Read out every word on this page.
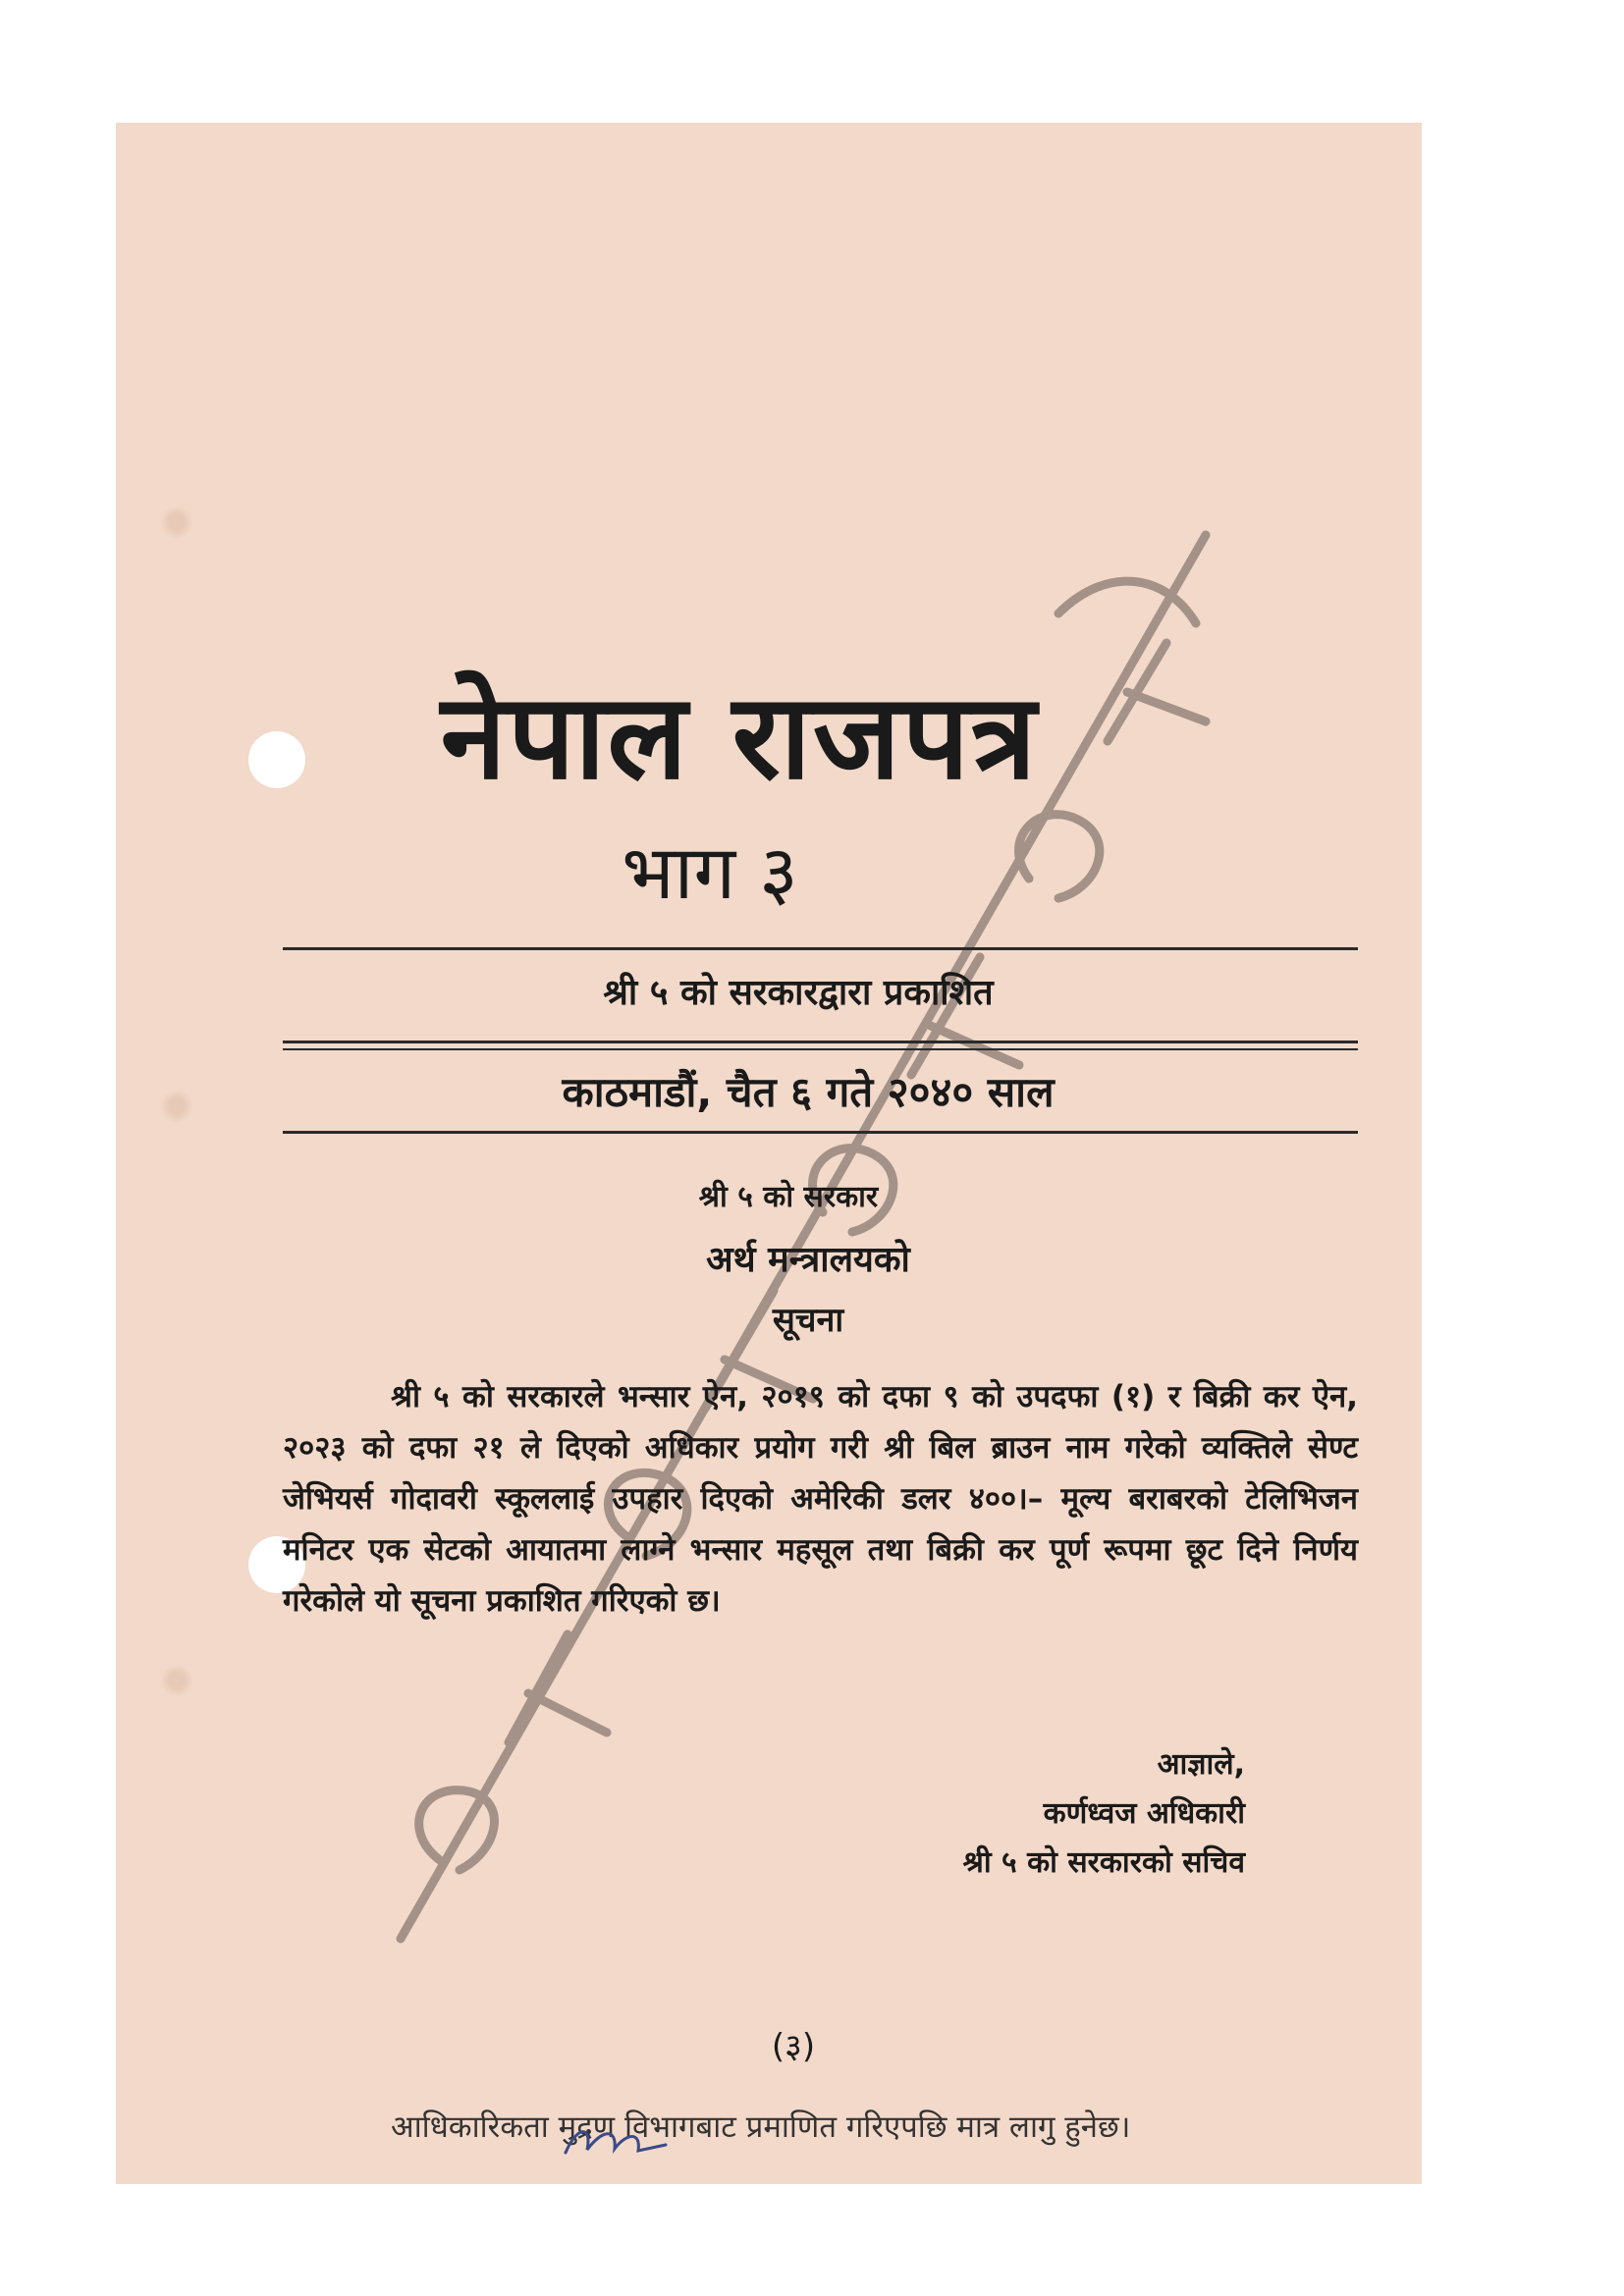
नेपाल राजपत्र
भाग ३
श्री ५ को सरकारद्वारा प्रकाशित
काठमाडौं, चैत ६ गते २०४० साल
श्री ५ को सरकार
अर्थ मन्त्रालयको
सूचना
श्री ५ को सरकारले भन्सार ऐन, २०१९ को दफा ९ को उपदफा (१) र बिक्री कर ऐन, २०२३ को दफा २१ ले दिएको अधिकार प्रयोग गरी श्री बिल ब्राउन नाम गरेको व्यक्तिले सेण्ट जेभियर्स गोदावरी स्कूललाई उपहार दिएको अमेरिकी डलर ४००।– मूल्य बराबरको टेलिभिजन मनिटर एक सेटको आयातमा लाग्ने भन्सार महसूल तथा बिक्री कर पूर्ण रूपमा छूट दिने निर्णय गरेकोले यो सूचना प्रकाशित गरिएको छ।
आज्ञाले,
कर्णध्वज अधिकारी
श्री ५ को सरकारको सचिव
(३)
आधिकारिकता मुद्रण विभागबाट प्रमाणित गरिएपछि मात्र लागु हुनेछ।
